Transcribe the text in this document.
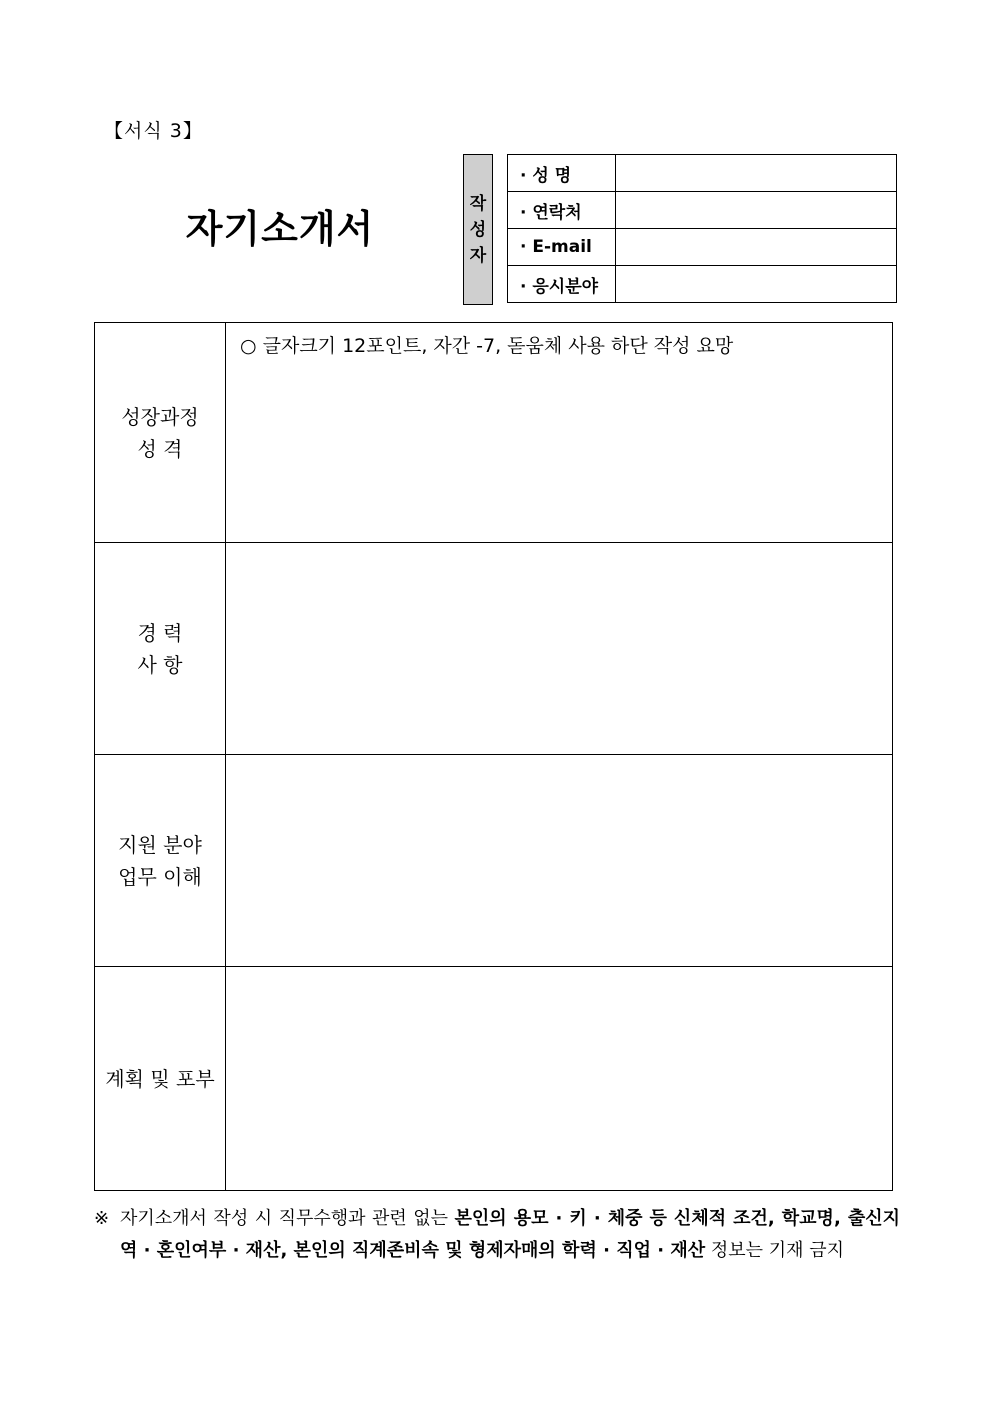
【서식 3】
자기소개서
작
성
자
· 성 명	
· 연락처	
· E-mail	
· 응시분야	
성장과정
성 격	○ 글자크기 12포인트, 자간 -7, 돋움체 사용 하단 작성 요망

경 력
사 항	

지원 분야
업무 이해	

계획 및 포부	

※ 자기소개서 작성 시 직무수행과 관련 없는 본인의 용모 · 키 · 체중 등 신체적 조건, 학교명, 출신지역 · 혼인여부 · 재산, 본인의 직계존비속 및 형제자매의 학력 · 직업 · 재산 정보는 기재 금지
